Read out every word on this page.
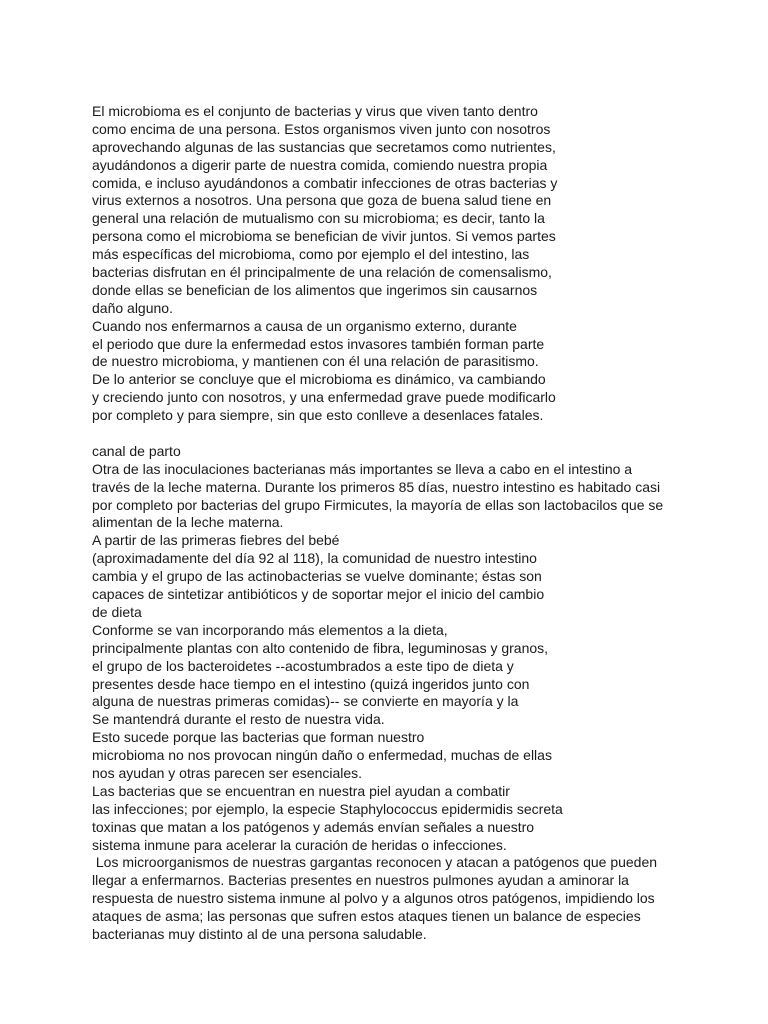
El microbioma es el conjunto de bacterias y virus que viven tanto dentro
como encima de una persona. Estos organismos viven junto con nosotros
aprovechando algunas de las sustancias que secretamos como nutrientes,
ayudándonos a digerir parte de nuestra comida, comiendo nuestra propia
comida, e incluso ayudándonos a combatir infecciones de otras bacterias y
virus externos a nosotros. Una persona que goza de buena salud tiene en
general una relación de mutualismo con su microbioma; es decir, tanto la
persona como el microbioma se benefician de vivir juntos. Si vemos partes
más específicas del microbioma, como por ejemplo el del intestino, las
bacterias disfrutan en él principalmente de una relación de comensalismo,
donde ellas se benefician de los alimentos que ingerimos sin causarnos
daño alguno.
Cuando nos enfermarnos a causa de un organismo externo, durante
el periodo que dure la enfermedad estos invasores también forman parte
de nuestro microbioma, y mantienen con él una relación de parasitismo.
De lo anterior se concluye que el microbioma es dinámico, va cambiando
y creciendo junto con nosotros, y una enfermedad grave puede modificarlo
por completo y para siempre, sin que esto conlleve a desenlaces fatales.
canal de parto
Otra de las inoculaciones bacterianas más importantes se lleva a cabo en el intestino a
través de la leche materna. Durante los primeros 85 días, nuestro intestino es habitado casi
por completo por bacterias del grupo Firmicutes, la mayoría de ellas son lactobacilos que se
alimentan de la leche materna.
A partir de las primeras fiebres del bebé
(aproximadamente del día 92 al 118), la comunidad de nuestro intestino
cambia y el grupo de las actinobacterias se vuelve dominante; éstas son
capaces de sintetizar antibióticos y de soportar mejor el inicio del cambio
de dieta
Conforme se van incorporando más elementos a la dieta,
principalmente plantas con alto contenido de fibra, leguminosas y granos,
el grupo de los bacteroidetes --acostumbrados a este tipo de dieta y
presentes desde hace tiempo en el intestino (quizá ingeridos junto con
alguna de nuestras primeras comidas)-- se convierte en mayoría y la
Se mantendrá durante el resto de nuestra vida.
Esto sucede porque las bacterias que forman nuestro
microbioma no nos provocan ningún daño o enfermedad, muchas de ellas
nos ayudan y otras parecen ser esenciales.
Las bacterias que se encuentran en nuestra piel ayudan a combatir
las infecciones; por ejemplo, la especie Staphylococcus epidermidis secreta
toxinas que matan a los patógenos y además envían señales a nuestro
sistema inmune para acelerar la curación de heridas o infecciones.
Los microorganismos de nuestras gargantas reconocen y atacan a patógenos que pueden
llegar a enfermarnos. Bacterias presentes en nuestros pulmones ayudan a aminorar la
respuesta de nuestro sistema inmune al polvo y a algunos otros patógenos, impidiendo los
ataques de asma; las personas que sufren estos ataques tienen un balance de especies
bacterianas muy distinto al de una persona saludable.
